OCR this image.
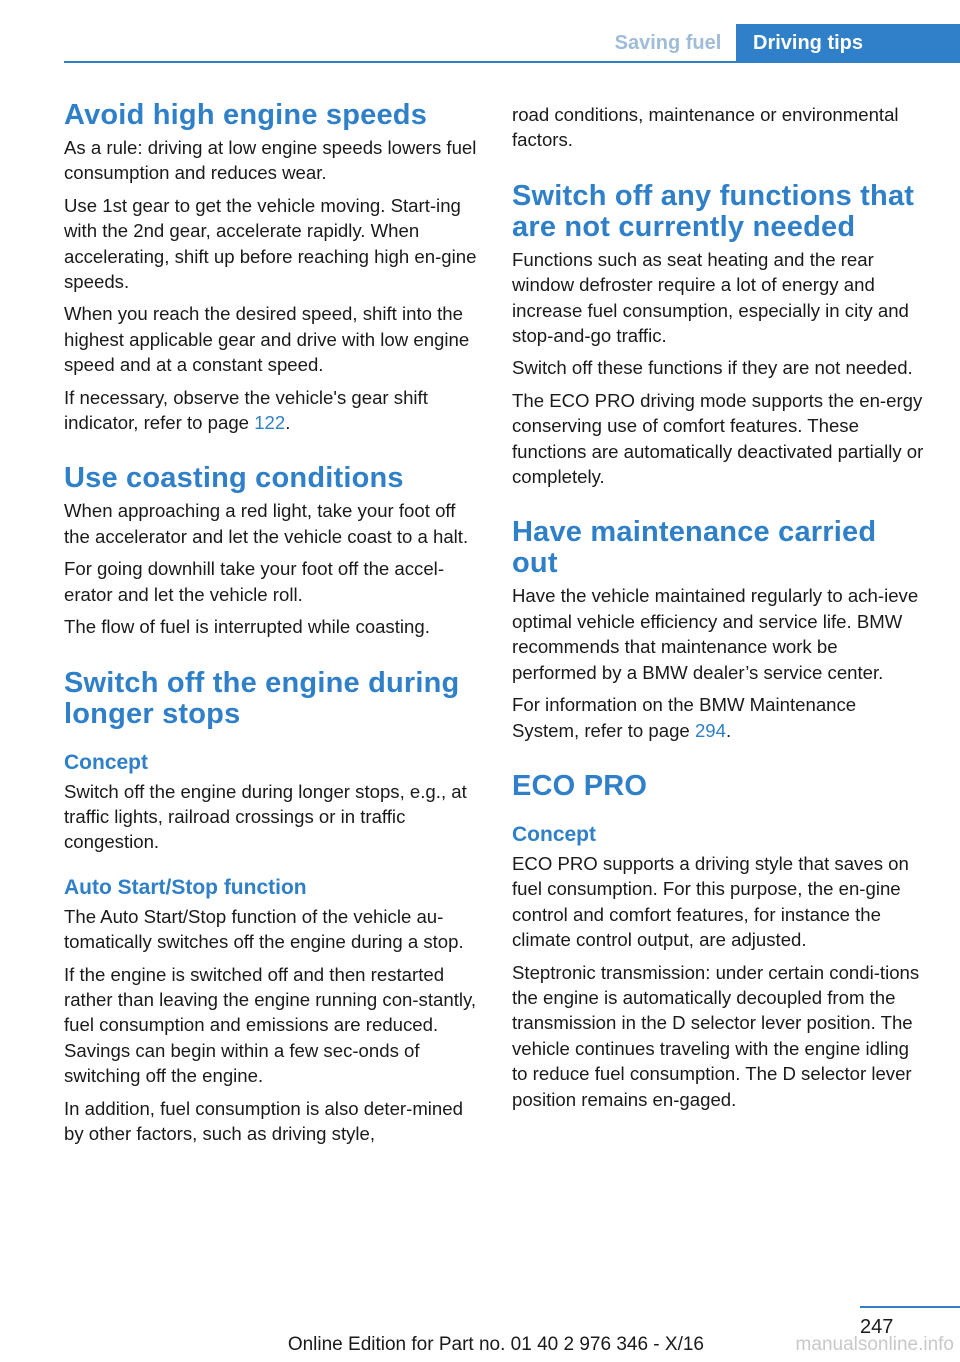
Saving fuel	Driving tips
Avoid high engine speeds

As a rule: driving at low engine speeds lowers fuel consumption and reduces wear.

Use 1st gear to get the vehicle moving. Start‐ing with the 2nd gear, accelerate rapidly. When accelerating, shift up before reaching high en‐gine speeds.

When you reach the desired speed, shift into the highest applicable gear and drive with low engine speed and at a constant speed.

If necessary, observe the vehicle's gear shift indicator, refer to page 122.

Use coasting conditions

When approaching a red light, take your foot off the accelerator and let the vehicle coast to a halt.

For going downhill take your foot off the accel‐erator and let the vehicle roll.

The flow of fuel is interrupted while coasting.

Switch off the engine during longer stops
Concept

Switch off the engine during longer stops, e.g., at traffic lights, railroad crossings or in traffic congestion.

Auto Start/Stop function

The Auto Start/Stop function of the vehicle au‐tomatically switches off the engine during a stop.

If the engine is switched off and then restarted rather than leaving the engine running con‐stantly, fuel consumption and emissions are reduced. Savings can begin within a few sec‐onds of switching off the engine.

In addition, fuel consumption is also deter‐mined by other factors, such as driving style,

road conditions, maintenance or environmental factors.

Switch off any functions that are not currently needed

Functions such as seat heating and the rear window defroster require a lot of energy and increase fuel consumption, especially in city and stop-and-go traffic.

Switch off these functions if they are not needed.

The ECO PRO driving mode supports the en‐ergy conserving use of comfort features. These functions are automatically deactivated partially or completely.

Have maintenance carried out

Have the vehicle maintained regularly to ach‐ieve optimal vehicle efficiency and service life. BMW recommends that maintenance work be performed by a BMW dealer’s service center.

For information on the BMW Maintenance System, refer to page 294.

ECO PRO
Concept

ECO PRO supports a driving style that saves on fuel consumption. For this purpose, the en‐gine control and comfort features, for instance the climate control output, are adjusted.

Steptronic transmission: under certain condi‐tions the engine is automatically decoupled from the transmission in the D selector lever position. The vehicle continues traveling with the engine idling to reduce fuel consumption. The D selector lever position remains en‐gaged.

247
Online Edition for Part no. 01 40 2 976 346 - X/16	manualsonline.info
